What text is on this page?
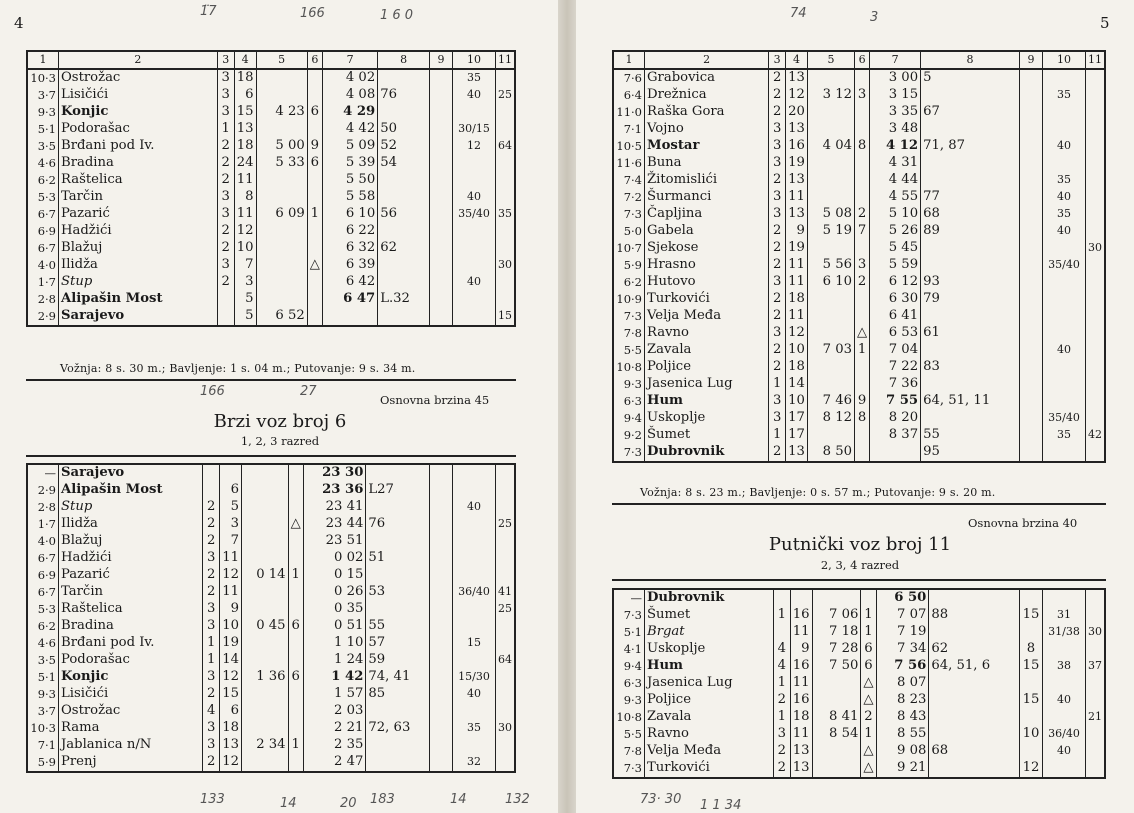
4
1̈7	166	1 6 0
1	2	3	4	5	6	7	8	9	10	11
10·3	Ostrožac	3	18			4 02			35	
3·7	Lisičići	3	6			4 08	76		40	25
9·3	Konjic	3	15	4 23	6	4 29				
5·1	Podorašac	1	13			4 42	50		30/15	
3·5	Brđani pod Iv.	2	18	5 00	9	5 09	52		12	64
4·6	Bradina	2	24	5 33	6	5 39	54			
6·2	Raštelica	2	11			5 50				
5·3	Tarčin	3	8			5 58			40	
6·7	Pazarić	3	11	6 09	1	6 10	56		35/40	35
6·9	Hadžići	2	12			6 22				
6·7	Blažuj	2	10			6 32	62			
4·0	Ilidža	3	7		△	6 39				30
1·7	Stup	2	3			6 42			40	
2·8	Alipašin Most		5			6 47	L.32			
2·9	Sarajevo		5	6 52						15
Vožnja: 8 s. 30 m.; Bavljenje: 1 s. 04 m.; Putovanje: 9 s. 34 m.
166	27
Osnovna brzina 45
Brzi voz broj 6
1, 2, 3 razred
—	Sarajevo					23 30				
2·9	Alipašin Most		6			23 36	L27			
2·8	Stup	2	5			23 41			40	
1·7	Ilidža	2	3		△	23 44	76			25
4·0	Blažuj	2	7			23 51				
6·7	Hadžići	3	11			0 02	51			
6·9	Pazarić	2	12	0 14	1	0 15				
6·7	Tarčin	2	11			0 26	53		36/40	41
5·3	Raštelica	3	9			0 35				25
6·2	Bradina	3	10	0 45	6	0 51	55			
4·6	Brđani pod Iv.	1	19			1 10	57		15	
3·5	Podorašac	1	14			1 24	59			64
5·1	Konjic	3	12	1 36	6	1 42	74, 41		15/30	
9·3	Lisičići	2	15			1 57	85		40	
3·7	Ostrožac	4	6			2 03				
10·3	Rama	3	18			2 21	72, 63		35	30
7·1	Jablanica n/N	3	13	2 34	1	2 35				
5·9	Prenj	2	12			2 47			32	
133	14	20 183	14	132
5
74	3
1	2	3	4	5	6	7	8	9	10	11
7·6	Grabovica	2	13			3 00	5			
6·4	Drežnica	2	12	3 12	3	3 15			35	
11·0	Raška Gora	2	20			3 35	67			
7·1	Vojno	3	13			3 48				
10·5	Mostar	3	16	4 04	8	4 12	71, 87		40	
11·6	Buna	3	19			4 31				
7·4	Žitomislići	2	13			4 44			35	
7·2	Šurmanci	3	11			4 55	77		40	
7·3	Čapljina	3	13	5 08	2	5 10	68		35	
5·0	Gabela	2	9	5 19	7	5 26	89		40	
10·7	Sjekose	2	19			5 45				30
5·9	Hrasno	2	11	5 56	3	5 59			35/40	
6·2	Hutovo	3	11	6 10	2	6 12	93			
10·9	Turkovići	2	18			6 30	79			
7·3	Velja Međa	2	11			6 41				
7·8	Ravno	3	12		△	6 53	61			
5·5	Zavala	2	10	7 03	1	7 04			40	
10·8	Poljice	2	18			7 22	83			
9·3	Jasenica Lug	1	14			7 36				
6·3	Hum	3	10	7 46	9	7 55	64, 51, 11			
9·4	Uskoplje	3	17	8 12	8	8 20			35/40	
9·2	Šumet	1	17			8 37	55		35	42
7·3	Dubrovnik	2	13	8 50			95			
Vožnja: 8 s. 23 m.; Bavljenje: 0 s. 57 m.; Putovanje: 9 s. 20 m.
Osnovna brzina 40
Putnički voz broj 11
2, 3, 4 razred
—	Dubrovnik					6 50				
7·3	Šumet	1	16	7 06	1	7 07	88	15	31	
5·1	Brgat		11	7 18	1	7 19			31/38	30
4·1	Uskoplje	4	9	7 28	6	7 34	62	8		
9·4	Hum	4	16	7 50	6	7 56	64, 51, 6	15	38	37
6·3	Jasenica Lug	1	11		△	8 07				
9·3	Poljice	2	16		△	8 23		15	40	
10·8	Zavala	1	18	8 41	2	8 43				21
5·5	Ravno	3	11	8 54	1	8 55		10	36/40	
7·8	Velja Međa	2	13		△	9 08	68		40	
7·3	Turkovići	2	13		△	9 21		12		
73· 30 1 1 34
